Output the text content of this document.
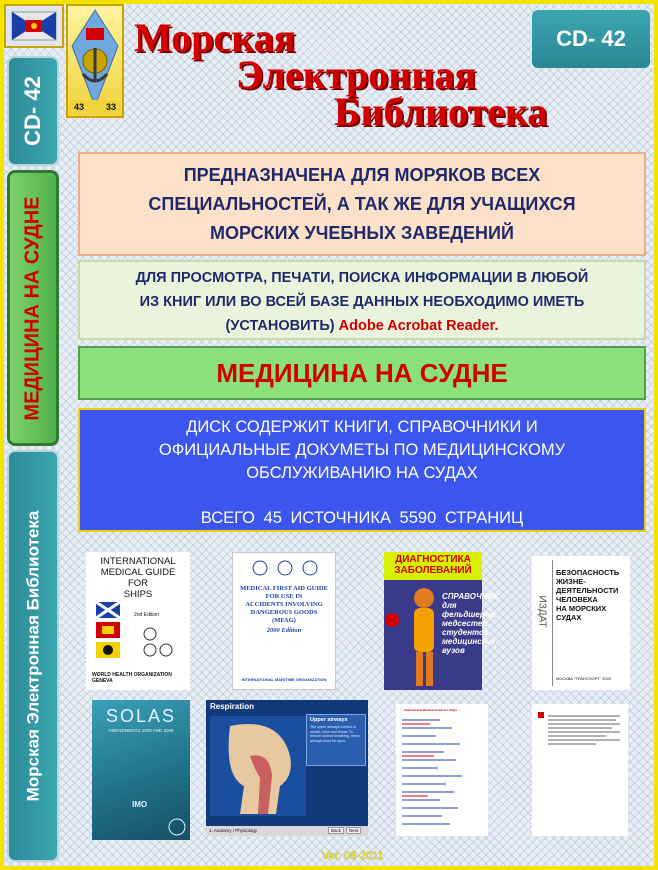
43 33
CD- 42
МЕДИЦИНА НА СУДНЕ
Морская Электронная Библиотека
Морская
Электронная
Библиотека
CD- 42
ПРЕДНАЗНАЧЕНА ДЛЯ МОРЯКОВ ВСЕХ
СПЕЦИАЛЬНОСТЕЙ, А ТАК ЖЕ ДЛЯ УЧАЩИХСЯ
МОРСКИХ УЧЕБНЫХ ЗАВЕДЕНИЙ
ДЛЯ ПРОСМОТРА, ПЕЧАТИ, ПОИСКА ИНФОРМАЦИИ В ЛЮБОЙ
ИЗ КНИГ ИЛИ ВО ВСЕЙ БАЗЕ ДАННЫХ НЕОБХОДИМО ИМЕТЬ
(УСТАНОВИТЬ) Adobe Acrobat Reader.
МЕДИЦИНА НА СУДНЕ
ДИСК СОДЕРЖИТ КНИГИ, СПРАВОЧНИКИ И
ОФИЦИАЛЬНЫЕ ДОКУМЕТЫ ПО МЕДИЦИНСКОМУ
ОБСЛУЖИВАНИЮ НА СУДАХ
ВСЕГО 45 ИСТОЧНИКА 5590 СТРАНИЦ
INTERNATIONAL
MEDICAL GUIDE
FOR
SHIPS
2nd Edition
WORLD HEALTH ORGANIZATION
GENEVA
MEDICAL FIRST AID GUIDE
FOR USE IN
ACCIDENTS INVOLVING
DANGEROUS GOODS
(MFAG)
2000 Edition
INTERNATIONAL MARITIME ORGANIZATION
ДИАГНОСТИКА ЗАБОЛЕВАНИЙ
СПРАВОЧНИК для фельдшеров, медсестер, студентов медицинских вузов
ИЗДАТ
БЕЗОПАСНОСТЬ
ЖИЗНЕ-
ДЕЯТЕЛЬНОСТИ
ЧЕЛОВЕКА
НА МОРСКИХ
СУДАХ
МОСКВА "ТРАНСПОРТ" 2003
SOLAS
AMENDMENTS 2008 AND 2009
IMO
Respiration
Upper airways
The upper airways consist of mouth, nose and throat. To ensure normal breathing, these airways must be open.
1. Anatomy / Physiology	Back	Next
International Medical Guide for Ships
Ver. 08-2011
